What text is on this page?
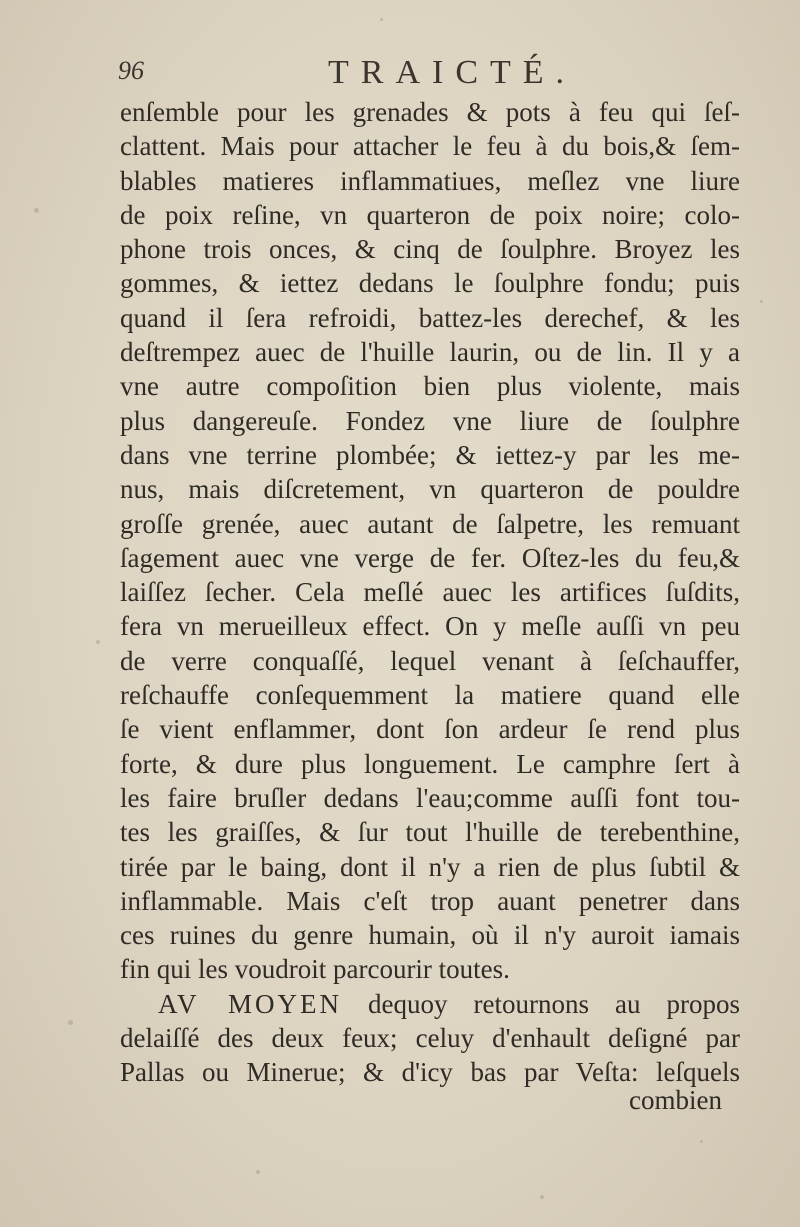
96	TRAICTÉ.
enſemble pour les grenades & pots à feu qui ſeſ-
clattent. Mais pour attacher le feu à du bois,& ſem-
blables matieres inflammatiues, meſlez vne liure
de poix reſine, vn quarteron de poix noire; colo-
phone trois onces, & cinq de ſoulphre. Broyez les
gommes, & iettez dedans le ſoulphre fondu; puis
quand il ſera refroidi, battez-les derechef, & les
deſtrempez auec de l'huille laurin, ou de lin. Il y a
vne autre compoſition bien plus violente, mais
plus dangereuſe. Fondez vne liure de ſoulphre
dans vne terrine plombée; & iettez-y par les me-
nus, mais diſcretement, vn quarteron de pouldre
groſſe grenée, auec autant de ſalpetre, les remuant
ſagement auec vne verge de fer. Oſtez-les du feu,&
laiſſez ſecher. Cela meſlé auec les artifices ſuſdits,
fera vn merueilleux effect. On y meſle auſſi vn peu
de verre conquaſſé, lequel venant à ſeſchauffer,
reſchauffe conſequemment la matiere quand elle
ſe vient enflammer, dont ſon ardeur ſe rend plus
forte, & dure plus longuement. Le camphre ſert à
les faire bruſler dedans l'eau;comme auſſi font tou-
tes les graiſſes, & ſur tout l'huille de terebenthine,
tirée par le baing, dont il n'y a rien de plus ſubtil &
inflammable. Mais c'eſt trop auant penetrer dans
ces ruines du genre humain, où il n'y auroit iamais
fin qui les voudroit parcourir toutes.
AV MOYEN dequoy retournons au propos
delaiſſé des deux feux; celuy d'enhault deſigné par
Pallas ou Minerue; & d'icy bas par Veſta: leſquels
combien
